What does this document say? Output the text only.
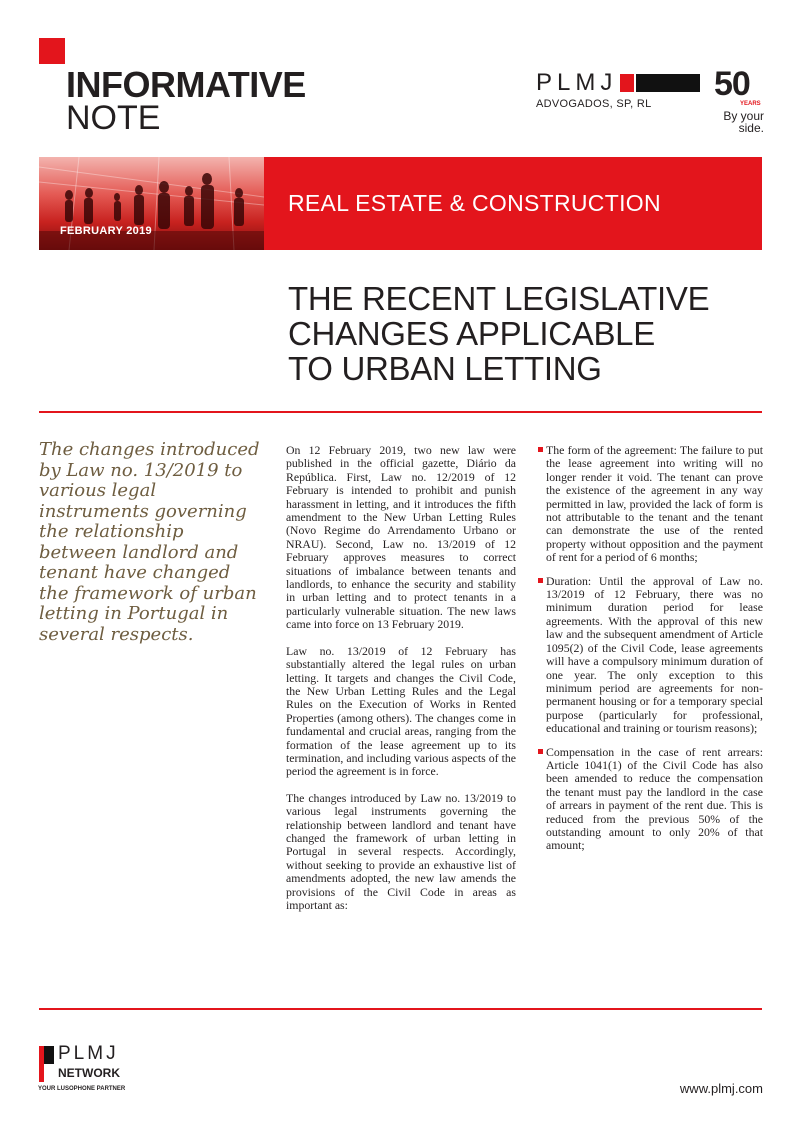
INFORMATIVE
NOTE
PLMJ
ADVOGADOS, SP, RL
50
YEARS
By your
side.
FEBRUARY 2019
REAL ESTATE & CONSTRUCTION
THE RECENT LEGISLATIVE
CHANGES APPLICABLE
TO URBAN LETTING
The changes introduced by Law no. 13/2019 to various legal instruments governing the relationship between landlord and tenant have changed the framework of urban letting in Portugal in several respects.

On 12 February 2019, two new law were published in the official gazette, Diário da República. First, Law no. 12/2019 of 12 February is intended to prohibit and punish harassment in letting, and it introduces the fifth amendment to the New Urban Letting Rules (Novo Regime do Arrendamento Urbano or NRAU). Second, Law no. 13/2019 of 12 February approves measures to correct situations of imbalance between tenants and landlords, to enhance the security and stability in urban letting and to protect tenants in a particularly vulnerable situation. The new laws came into force on 13 February 2019.

Law no. 13/2019 of 12 February has substantially altered the legal rules on urban letting. It targets and changes the Civil Code, the New Urban Letting Rules and the Legal Rules on the Execution of Works in Rented Properties (among others). The changes come in fundamental and crucial areas, ranging from the formation of the lease agreement up to its termination, and including various aspects of the period the agreement is in force.

The changes introduced by Law no. 13/2019 to various legal instruments governing the relationship between landlord and tenant have changed the framework of urban letting in Portugal in several respects. Accordingly, without seeking to provide an exhaustive list of amendments adopted, the new law amends the provisions of the Civil Code in areas as important as:

The form of the agreement: The failure to put the lease agreement into writing will no longer render it void. The tenant can prove the existence of the agreement in any way permitted in law, provided the lack of form is not attributable to the tenant and the tenant can demonstrate the use of the rented property without opposition and the payment of rent for a period of 6 months;
Duration: Until the approval of Law no. 13/2019 of 12 February, there was no minimum duration period for lease agreements. With the approval of this new law and the subsequent amendment of Article 1095(2) of the Civil Code, lease agreements will have a compulsory minimum duration of one year. The only exception to this minimum period are agreements for non-permanent housing or for a temporary special purpose (particularly for professional, educational and training or tourism reasons);
Compensation in the case of rent arrears: Article 1041(1) of the Civil Code has also been amended to reduce the compensation the tenant must pay the landlord in the case of arrears in payment of the rent due. This is reduced from the previous 50% of the outstanding amount to only 20% of that amount;
PLMJ
NETWORK
YOUR LUSOPHONE PARTNER	www.plmj.com
